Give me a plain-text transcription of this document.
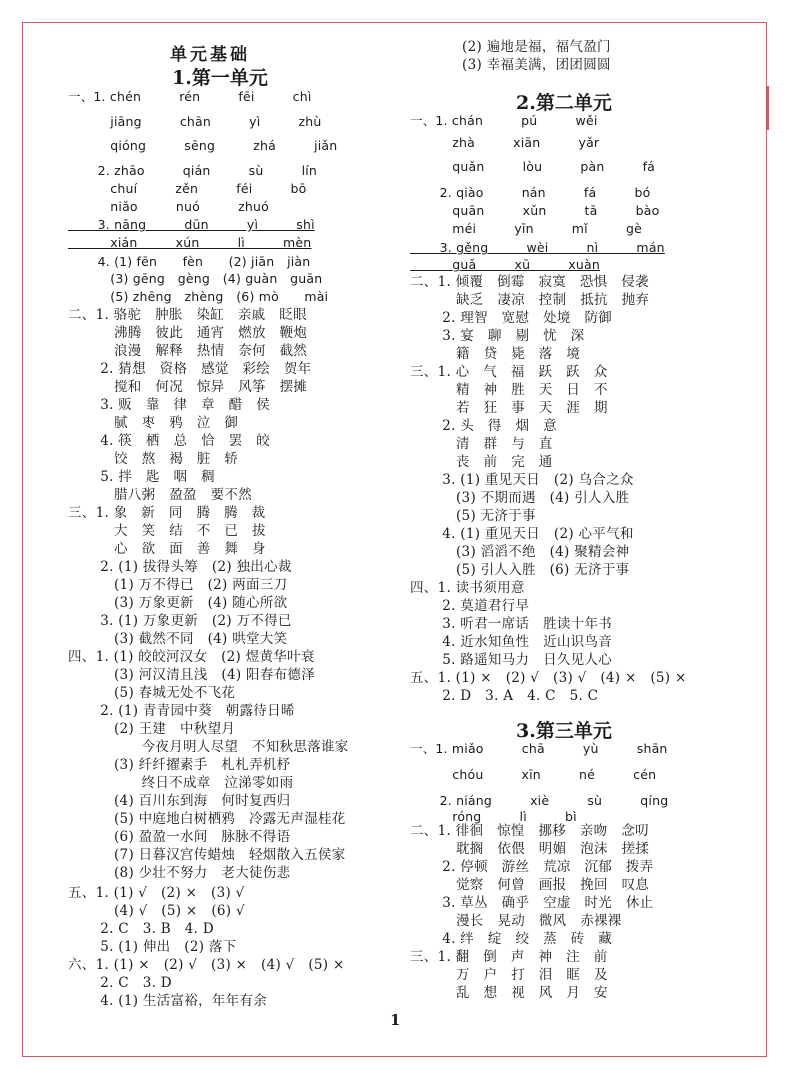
单元基础
1.第一单元
一、1. chén　　　rén　　　fēi　　　chì
　　　 jiāng　　　chān　　　yì　　　zhù
　　　 qióng　　　sēng　　　zhá　　　jiǎn
　　 2. zhāo　　　qián　　　sù　　　lín
　　　 chuí　　　zěn　　　féi　　　bō
　　　 niǎo　　　nuó　　　zhuó
　　 3. nāng　　　dūn　　　yì　　　shì
　　　 xián　　　xún　　　lì　　　mèn
　　 4. (1) fēn　　fèn　　(2) jiān　jiàn
　　　 (3) gēng　gèng　(4) guàn　guān
　　　 (5) zhēng　zhèng　(6) mò　　mài
二、1. 骆驼　肿胀　染缸　亲戚　眨眼
　　　 沸腾　彼此　通宵　燃放　鞭炮
　　　 浪漫　解释　热情　奈何　截然
　　 2. 猜想　资格　感觉　彩绘　贺年
　　　 搅和　何况　惊异　风筝　摆摊
　　 3. 贩　靠　律　章　醋　侯
　　　 腻　枣　鸦　泣　御
　　 4. 筷　栖　总　恰　罢　皎
　　　 饺　熬　褐　脏　轿
　　 5. 拌　匙　咽　稠
　　　 腊八粥　盈盈　要不然
三、1. 象　新　同　腾　腾　裁
　　　 大　笑　结　不　已　拔
　　　 心　欲　面　善　舞　身
　　 2. (1) 拔得头筹　(2) 独出心裁
　　　 (1) 万不得已　(2) 两面三刀
　　　 (3) 万象更新　(4) 随心所欲
　　 3. (1) 万象更新　(2) 万不得已
　　　 (3) 截然不同　(4) 哄堂大笑
四、1. (1) 皎皎河汉女　(2) 煜黄华叶衰
　　　 (3) 河汉清且浅　(4) 阳春布德泽
　　　 (5) 春城无处不飞花
　　 2. (1) 青青园中葵　朝露待日晞
　　　 (2) 王建　中秋望月
　　　　　 今夜月明人尽望　不知秋思落谁家
　　　 (3) 纤纤擢素手　札札弄机杼
　　　　　 终日不成章　泣涕零如雨
　　　 (4) 百川东到海　何时复西归
　　　 (5) 中庭地白树栖鸦　冷露无声湿桂花
　　　 (6) 盈盈一水间　脉脉不得语
　　　 (7) 日暮汉宫传蜡烛　轻烟散入五侯家
　　　 (8) 少壮不努力　老大徒伤悲
五、1. (1) √　(2) ×　(3) √
　　　 (4) √　(5) ×　(6) √
　　 2. C　3. B　4. D
　　 5. (1) 伸出　(2) 落下
六、1. (1) ×　(2) √　(3) ×　(4) √　(5) ×
　　 2. C　3. D
　　 4. (1) 生活富裕，年年有余
(2) 遍地是福，福气盈门
(3) 幸福美满，团团圆圆
2.第二单元
一、1. chán　　　pú　　　wěi
　　　 zhà　　　xiān　　　yǎr
　　　 quǎn　　　lòu　　　pàn　　　fá
　　 2. qiào　　　nán　　　fá　　　bó
　　　 quān　　　xǔn　　　tā　　　bào
　　　 méi　　　yīn　　　mǐ　　　gè
　　 3. gěng　　　wèi　　　nì　　　mán
　　　 guǎ　　　xū　　　xuàn
二、1. 倾覆　倒霉　寂寞　恐惧　侵袭
　　　 缺乏　凄凉　控制　抵抗　抛弃
　　 2. 理智　宽慰　处境　防御
　　 3. 宴　聊　剔　忧　深
　　　 籍　贷　毙　落　境
三、1. 心　气　福　跃　跃　众
　　　 精　神　胜　天　日　不
　　　 若　狂　事　天　涯　期
　　 2. 头　得　烟　意
　　　 清　群　与　直
　　　 丧　前　完　通
　　 3. (1) 重见天日　(2) 乌合之众
　　　 (3) 不期而遇　(4) 引人入胜
　　　 (5) 无济于事
　　 4. (1) 重见天日　(2) 心平气和
　　　 (3) 滔滔不绝　(4) 聚精会神
　　　 (5) 引人入胜　(6) 无济于事
四、1. 读书须用意
　　 2. 莫道君行早
　　 3. 听君一席话　胜读十年书
　　 4. 近水知鱼性　近山识鸟音
　　 5. 路遥知马力　日久见人心
五、1. (1) ×　(2) √　(3) √　(4) ×　(5) ×
　　 2. D　3. A　4. C　5. C
3.第三单元
一、1. miǎo　　　chā　　　yù　　　shān
　　　 chóu　　　xīn　　　né　　　cén
　　 2. niáng　　　xiè　　　sù　　　qíng
　　　 róng　　　lì　　　bì
二、1. 徘徊　惊惶　挪移　亲吻　念叨
　　　 耽搁　依偎　明媚　泡沫　搓揉
　　 2. 停顿　游丝　荒凉　沉郁　拨弄
　　　 觉察　何曾　画报　挽回　叹息
　　 3. 草丛　确乎　空虚　时光　休止
　　　 漫长　晃动　微风　赤裸裸
　　 4. 绊　绽　绞　蒸　砖　藏
三、1. 翻　倒　声　神　注　前
　　　 万　户　打　泪　眶　及
　　　 乱　想　视　风　月　安
1
